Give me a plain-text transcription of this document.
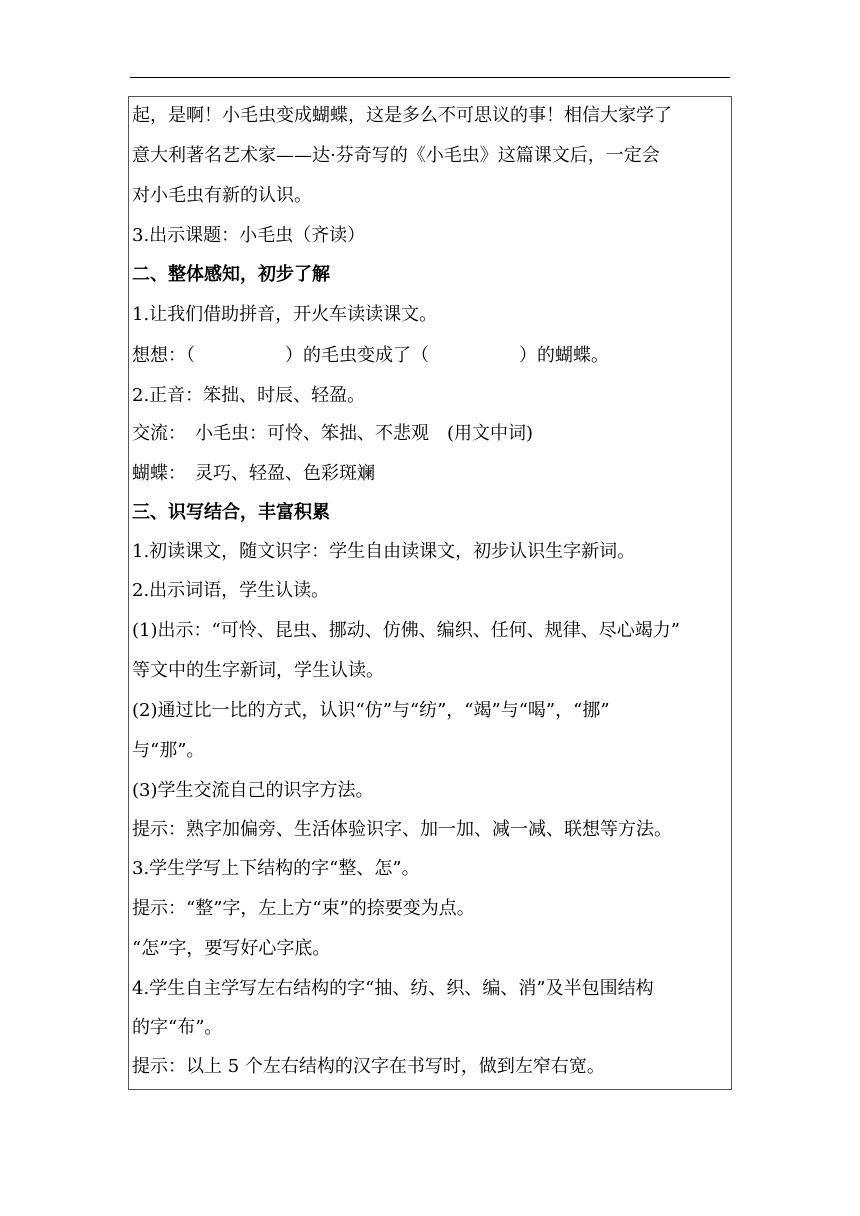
起，是啊！小毛虫变成蝴蝶，这是多么不可思议的事！相信大家学了
意大利著名艺术家——达·芬奇写的《小毛虫》这篇课文后，一定会
对小毛虫有新的认识。
3.出示课题：小毛虫（齐读）
二、整体感知，初步了解
1.让我们借助拼音，开火车读读课文。
想想：（　　　　　）的毛虫变成了（　　　　　）的蝴蝶。
2.正音：笨拙、时辰、轻盈。
交流：　小毛虫：可怜、笨拙、不悲观　(用文中词)
蝴蝶：　灵巧、轻盈、色彩斑斓
三、识写结合，丰富积累
1.初读课文，随文识字：学生自由读课文，初步认识生字新词。
2.出示词语，学生认读。
(1)出示：“可怜、昆虫、挪动、仿佛、编织、任何、规律、尽心竭力”
等文中的生字新词，学生认读。
(2)通过比一比的方式，认识“仿”与“纺”，“竭”与“喝”，“挪”
与“那”。
(3)学生交流自己的识字方法。
提示：熟字加偏旁、生活体验识字、加一加、减一减、联想等方法。
3.学生学写上下结构的字“整、怎”。
提示：“整”字，左上方“束”的捺要变为点。
“怎”字，要写好心字底。
4.学生自主学写左右结构的字“抽、纺、织、编、消”及半包围结构
的字“布”。
提示：以上 5 个左右结构的汉字在书写时，做到左窄右宽。
